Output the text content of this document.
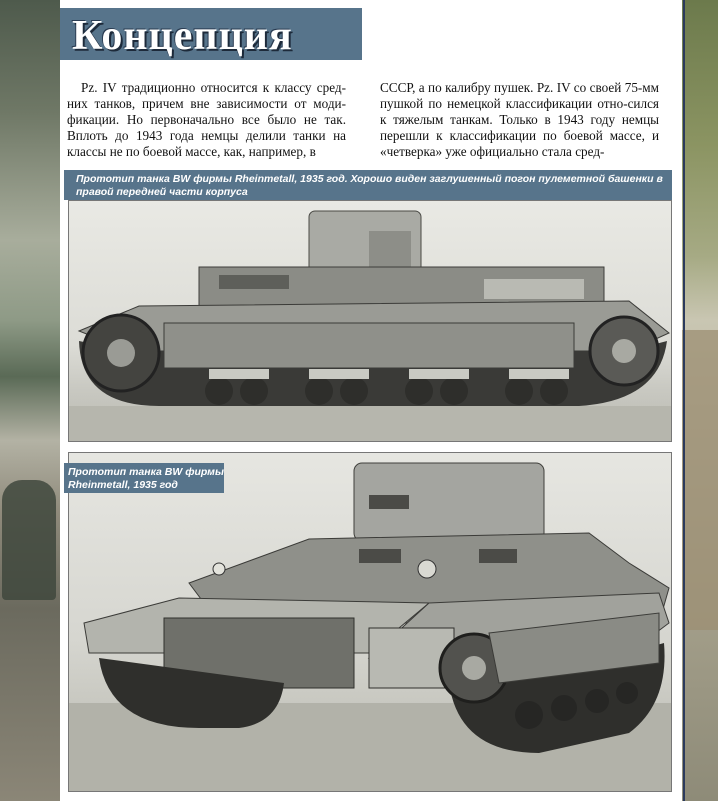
Концепция
Pz. IV традиционно относится к классу сред-них танков, причем вне зависимости от моди-фикации. Но первоначально все было не так. Вплоть до 1943 года немцы делили танки на классы не по боевой массе, как, например, в
СССР, а по калибру пушек. Pz. IV со своей 75-мм пушкой по немецкой классификации отно-сился к тяжелым танкам. Только в 1943 году немцы перешли к классификации по боевой массе, и «четверка» уже официально стала сред-
Прототип танка BW фирмы Rheinmetall, 1935 год. Хорошо виден заглушенный погон пулеметной башенки в правой передней части корпуса
Прототип танка BW фирмы Rheinmetall, 1935 год
